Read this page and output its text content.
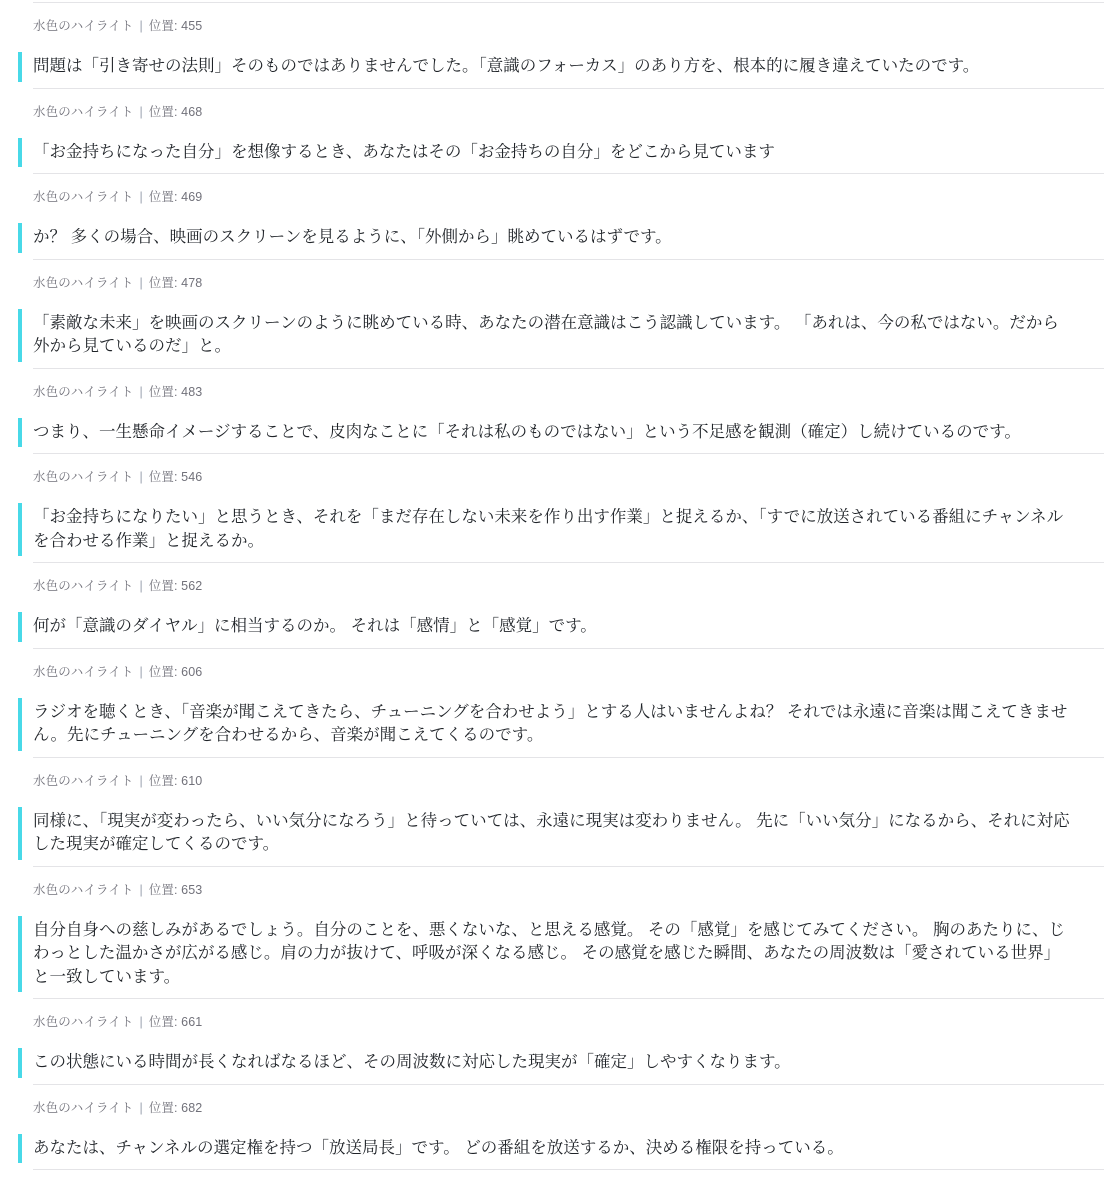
水色のハイライト | 位置: 455
問題は「引き寄せの法則」そのものではありませんでした。「意識のフォーカス」のあり方を、根本的に履き違えていたのです。
水色のハイライト | 位置: 468
「お金持ちになった自分」を想像するとき、あなたはその「お金持ちの自分」をどこから見ています
水色のハイライト | 位置: 469
か？ 多くの場合、映画のスクリーンを見るように、「外側から」眺めているはずです。
水色のハイライト | 位置: 478
「素敵な未来」を映画のスクリーンのように眺めている時、あなたの潜在意識はこう認識しています。 「あれは、今の私ではない。だから外から見ているのだ」と。
水色のハイライト | 位置: 483
つまり、一生懸命イメージすることで、皮肉なことに「それは私のものではない」という不足感を観測（確定）し続けているのです。
水色のハイライト | 位置: 546
「お金持ちになりたい」と思うとき、それを「まだ存在しない未来を作り出す作業」と捉えるか、「すでに放送されている番組にチャンネルを合わせる作業」と捉えるか。
水色のハイライト | 位置: 562
何が「意識のダイヤル」に相当するのか。 それは「感情」と「感覚」です。
水色のハイライト | 位置: 606
ラジオを聴くとき、「音楽が聞こえてきたら、チューニングを合わせよう」とする人はいませんよね？ それでは永遠に音楽は聞こえてきません。先にチューニングを合わせるから、音楽が聞こえてくるのです。
水色のハイライト | 位置: 610
同様に、「現実が変わったら、いい気分になろう」と待っていては、永遠に現実は変わりません。 先に「いい気分」になるから、それに対応した現実が確定してくるのです。
水色のハイライト | 位置: 653
自分自身への慈しみがあるでしょう。自分のことを、悪くないな、と思える感覚。 その「感覚」を感じてみてください。 胸のあたりに、じわっとした温かさが広がる感じ。肩の力が抜けて、呼吸が深くなる感じ。 その感覚を感じた瞬間、あなたの周波数は「愛されている世界」と一致しています。
水色のハイライト | 位置: 661
この状態にいる時間が長くなればなるほど、その周波数に対応した現実が「確定」しやすくなります。
水色のハイライト | 位置: 682
あなたは、チャンネルの選定権を持つ「放送局長」です。 どの番組を放送するか、決める権限を持っている。
